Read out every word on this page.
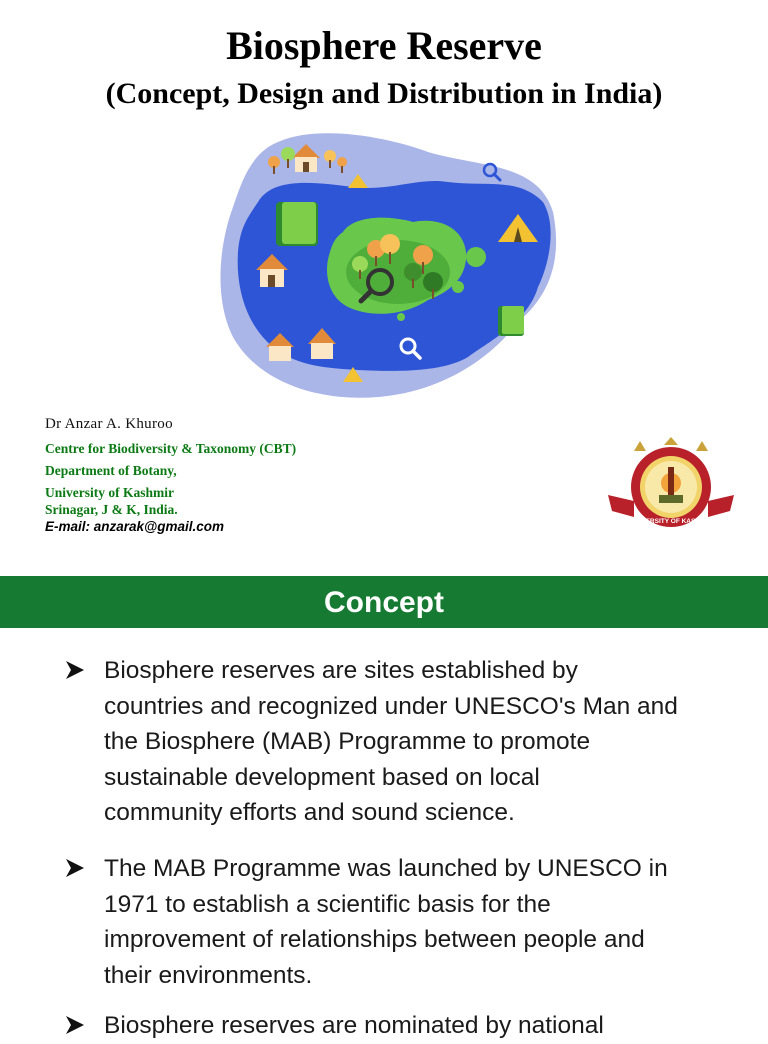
Biosphere Reserve
(Concept, Design and Distribution in India)
Dr Anzar A. Khuroo
Centre for Biodiversity & Taxonomy (CBT)
Department of Botany,
University of Kashmir
Srinagar, J & K, India.
E-mail: anzarak@gmail.com	UNIVERSITY OF KASHMIR
Concept

Biosphere reserves are sites established by
countries and recognized under UNESCO's Man and
the Biosphere (MAB) Programme to promote
sustainable development based on local
community efforts and sound science.

The MAB Programme was launched by UNESCO in
1971 to establish a scientific basis for the
improvement of relationships between people and
their environments.

Biosphere reserves are nominated by national
